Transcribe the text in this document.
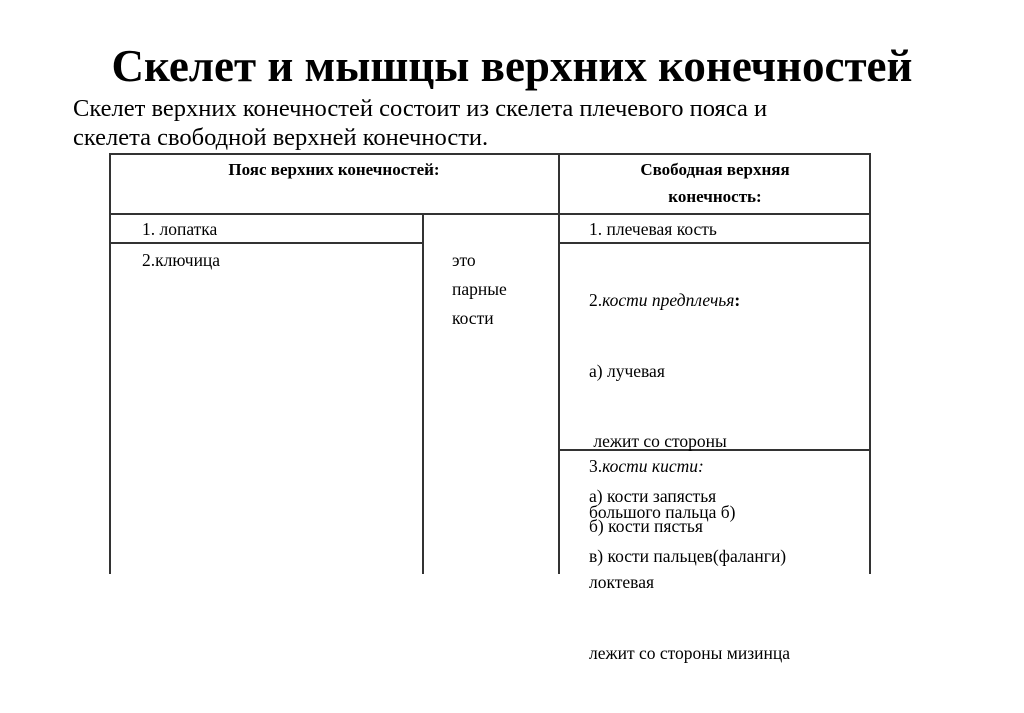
Скелет и мышцы верхних конечностей
Скелет верхних конечностей состоит из скелета плечевого пояса и
скелета свободной верхней конечности.
Пояс верхних конечностей:	Свободная верхняя
конечность:
1. лопатка
2.ключица	это
парные
кости
1. плечевая кость

2.кости предплечья:

а) лучевая

лежит со стороны

большого пальца б)

локтевая

лежит со стороны мизинца

3.кости кисти:
а) кости запястья
б) кости пястья
в) кости пальцев(фаланги)
